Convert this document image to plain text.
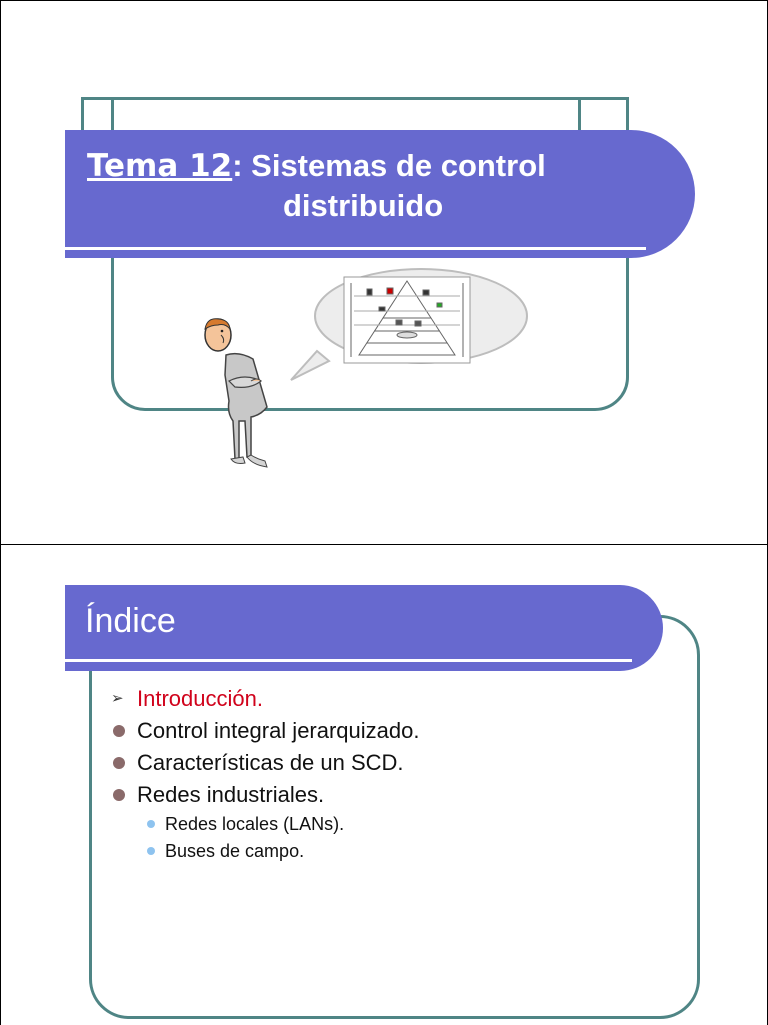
Tema 12: Sistemas de control
distribuido
Índice
➢ Introducción.
Control integral jerarquizado.
Características de un SCD.
Redes industriales.
Redes locales (LANs).
Buses de campo.
